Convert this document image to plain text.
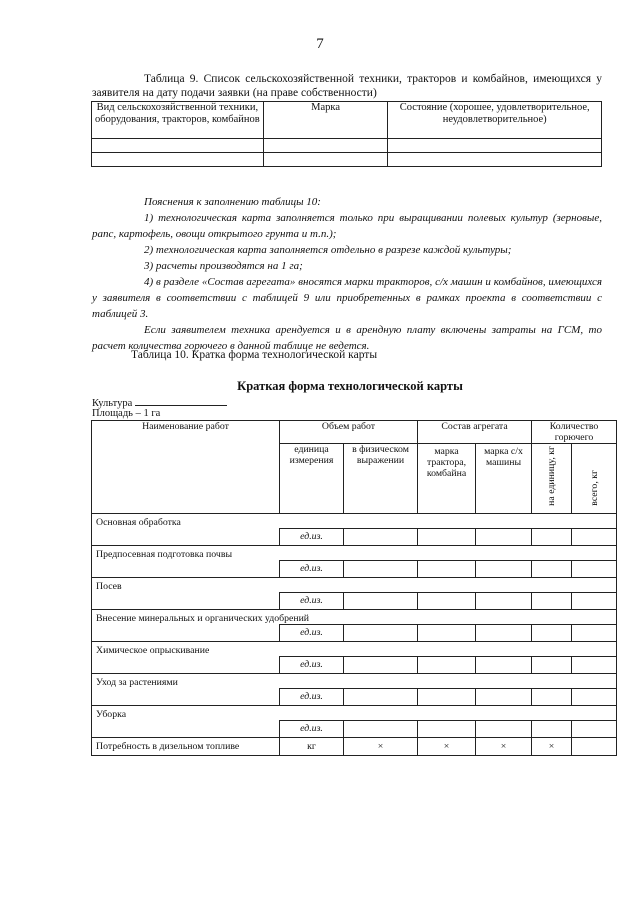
7
Таблица 9. Список сельскохозяйственной техники, тракторов и комбайнов, имеющихся у заявителя на дату подачи заявки (на праве собственности)
Вид сельскохозяйственной техники, оборудования, тракторов, комбайнов	Марка	Состояние (хорошее, удовлетворительное, неудовлетворительное)

Пояснения к заполнению таблицы 10:

1) технологическая карта заполняется только при выращивании полевых культур (зерновые, рапс, картофель, овощи открытого грунта и т.п.);

2) технологическая карта заполняется отдельно в разрезе каждой культуры;

3) расчеты производятся на 1 га;

4) в разделе «Состав агрегата» вносятся марки тракторов, с/х машин и комбайнов, имеющихся у заявителя в соответствии с таблицей 9 или приобретенных в рамках проекта в соответствии с таблицей 3.

Если заявителем техника арендуется и в арендную плату включены затраты на ГСМ, то расчет количества горючего в данной таблице не ведется.

Таблица 10. Кратка форма технологической карты
Краткая форма технологической карты
Культура
Площадь – 1 га
Наименование работ	Объем работ		Состав агрегата		Количество горючего	
			марка трактора, комбайна	марка с/х машины	на единицу, кг	всего, кг
	единица измерения	в физическом выражении				
Основная обработка						
	ед.из.					
Предпосевная подготовка почвы						
	ед.из.					
Посев						
	ед.из.					
Внесение минеральных и органических удобрений						
	ед.из.					
Химическое опрыскивание						
	ед.из.					
Уход за растениями						
	ед.из.					
Уборка						
	ед.из.					
Потребность в дизельном топливе	кг	×	×	×	×	
